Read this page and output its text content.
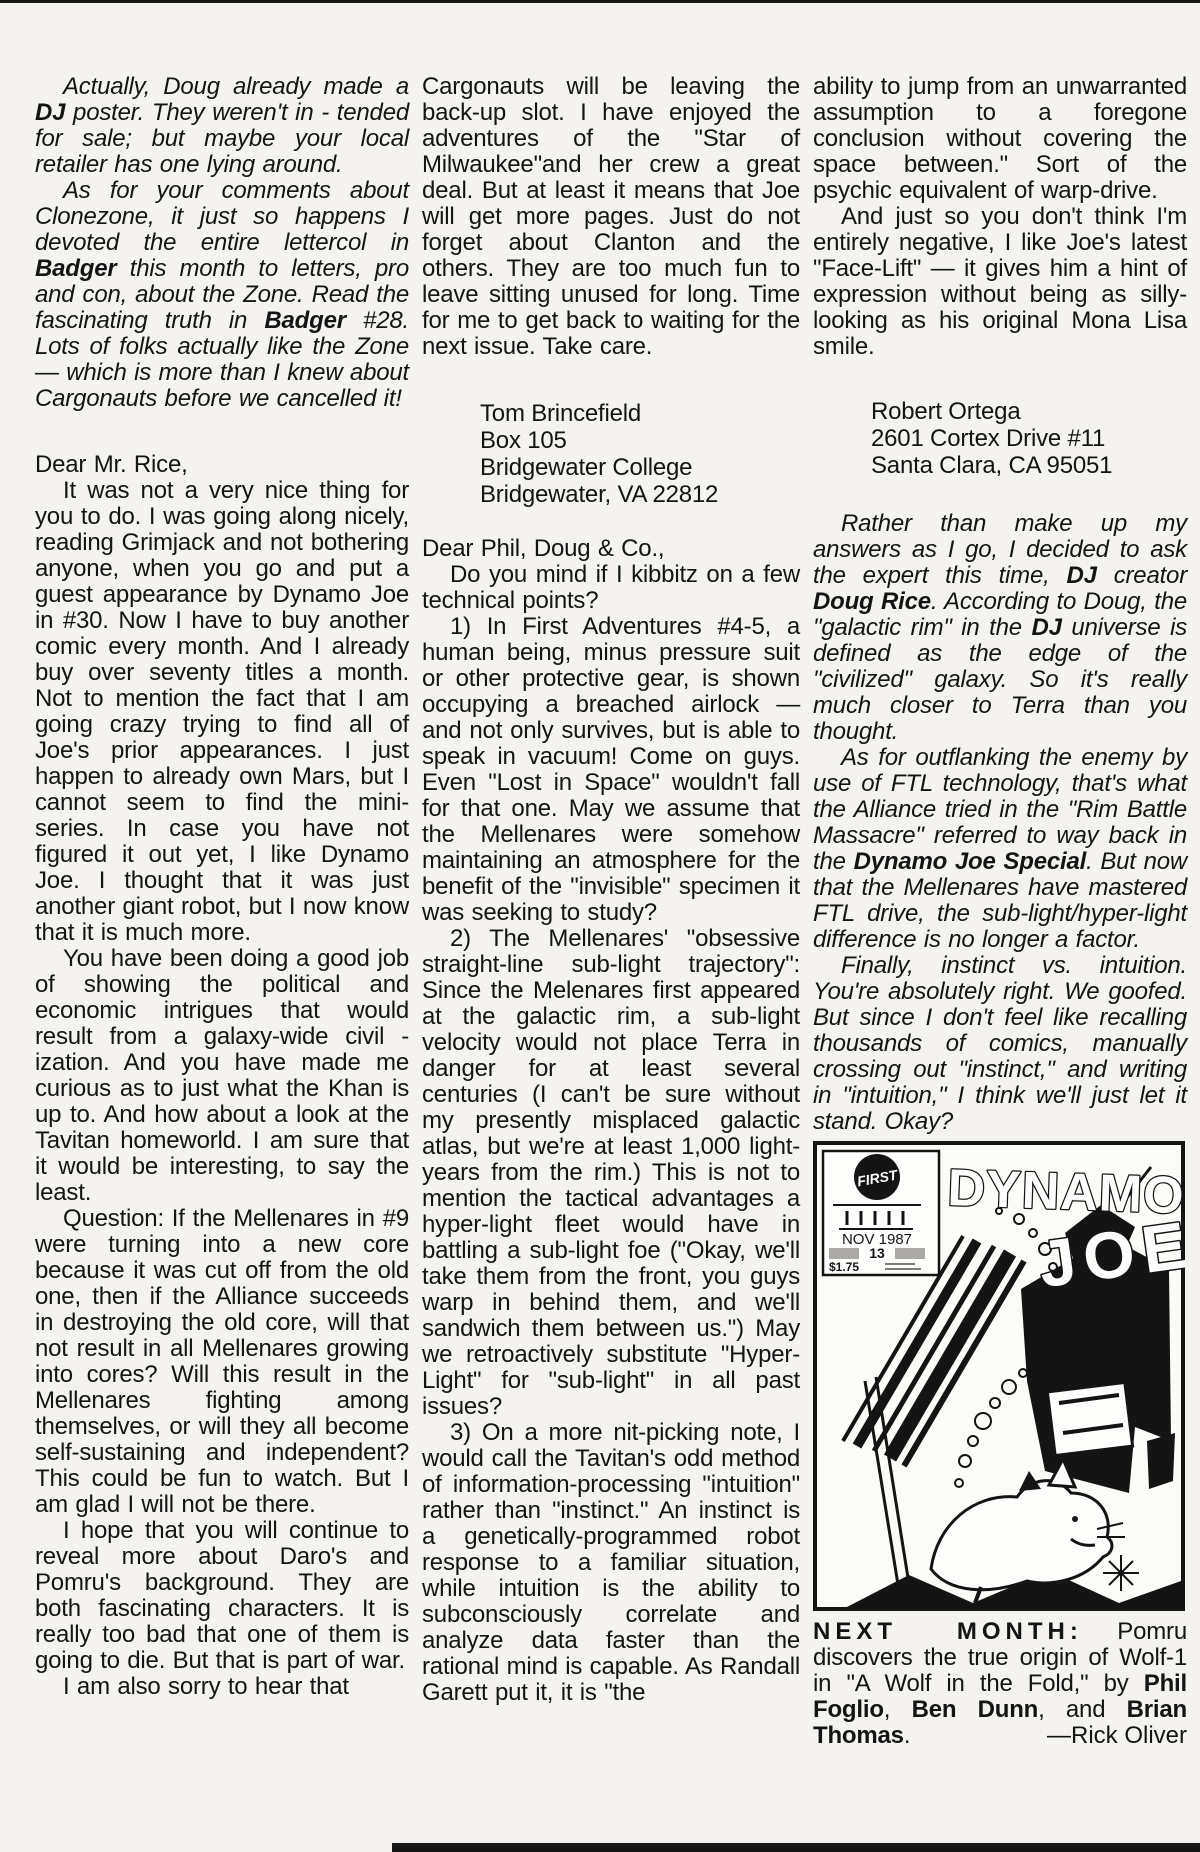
Actually, Doug already made a DJ poster. They weren't in - tended for sale; but maybe your local retailer has one lying around.

As for your comments about Clonezone, it just so happens I devoted the entire lettercol in Badger this month to letters, pro and con, about the Zone. Read the fascinating truth in Badger #28. Lots of folks actually like the Zone — which is more than I knew about Cargonauts before we cancelled it!

Dear Mr. Rice,

It was not a very nice thing for you to do. I was going along nicely, reading Grimjack and not bothering anyone, when you go and put a guest appearance by Dynamo Joe in #30. Now I have to buy another comic every month. And I already buy over seventy titles a month. Not to mention the fact that I am going crazy trying to find all of Joe's prior appearances. I just happen to already own Mars, but I cannot seem to find the mini-series. In case you have not figured it out yet, I like Dynamo Joe. I thought that it was just another giant robot, but I now know that it is much more.

You have been doing a good job of showing the political and economic intrigues that would result from a galaxy-wide civil - ization. And you have made me curious as to just what the Khan is up to. And how about a look at the Tavitan homeworld. I am sure that it would be interesting, to say the least.

Question: If the Mellenares in #9 were turning into a new core because it was cut off from the old one, then if the Alliance succeeds in destroying the old core, will that not result in all Mellenares growing into cores? Will this result in the Mellenares fighting among themselves, or will they all become self-sustaining and independent? This could be fun to watch. But I am glad I will not be there.

I hope that you will continue to reveal more about Daro's and Pomru's background. They are both fascinating characters. It is really too bad that one of them is going to die. But that is part of war.

I am also sorry to hear that

Cargonauts will be leaving the back-up slot. I have enjoyed the adventures of the "Star of Milwaukee"and her crew a great deal. But at least it means that Joe will get more pages. Just do not forget about Clanton and the others. They are too much fun to leave sitting unused for long. Time for me to get back to waiting for the next issue. Take care.

Tom Brincefield
Box 105
Bridgewater College
Bridgewater, VA 22812

Dear Phil, Doug & Co.,

Do you mind if I kibbitz on a few technical points?

1) In First Adventures #4-5, a human being, minus pressure suit or other protective gear, is shown occupying a breached airlock — and not only survives, but is able to speak in vacuum! Come on guys. Even "Lost in Space" wouldn't fall for that one. May we assume that the Mellenares were somehow maintaining an atmosphere for the benefit of the "invisible" specimen it was seeking to study?

2) The Mellenares' "obsessive straight-line sub-light trajectory": Since the Melenares first appeared at the galactic rim, a sub-light velocity would not place Terra in danger for at least several centuries (I can't be sure without my presently misplaced galactic atlas, but we're at least 1,000 light-years from the rim.) This is not to mention the tactical advantages a hyper-light fleet would have in battling a sub-light foe ("Okay, we'll take them from the front, you guys warp in behind them, and we'll sandwich them between us.") May we retroactively substitute "Hyper-Light" for "sub-light" in all past issues?

3) On a more nit-picking note, I would call the Tavitan's odd method of information-processing "intuition" rather than "instinct." An instinct is a genetically-programmed robot response to a familiar situation, while intuition is the ability to subconsciously correlate and analyze data faster than the rational mind is capable. As Randall Garett put it, it is "the

ability to jump from an unwarranted assumption to a foregone conclusion without covering the space between." Sort of the psychic equivalent of warp-drive.

And just so you don't think I'm entirely negative, I like Joe's latest "Face-Lift" — it gives him a hint of expression without being as silly-looking as his original Mona Lisa smile.

Robert Ortega
2601 Cortex Drive #11
Santa Clara, CA 95051

Rather than make up my answers as I go, I decided to ask the expert this time, DJ creator Doug Rice. According to Doug, the "galactic rim" in the DJ universe is defined as the edge of the "civilized" galaxy. So it's really much closer to Terra than you thought.

As for outflanking the enemy by use of FTL technology, that's what the Alliance tried in the "Rim Battle Massacre" referred to way back in the Dynamo Joe Special. But now that the Mellenares have mastered FTL drive, the sub-light/hyper-light difference is no longer a factor.

Finally, instinct vs. intuition. You're absolutely right. We goofed. But since I don't feel like recalling thousands of comics, manually crossing out "instinct," and writing in "intuition," I think we'll just let it stand. Okay?

DYNAMO
JOE
FIRST
NOV 1987
13
$1.75

NEXT MONTH: Pomru discovers the true origin of Wolf-1 in "A Wolf in the Fold," by Phil Foglio, Ben Dunn, and Brian Thomas.	—Rick Oliver
